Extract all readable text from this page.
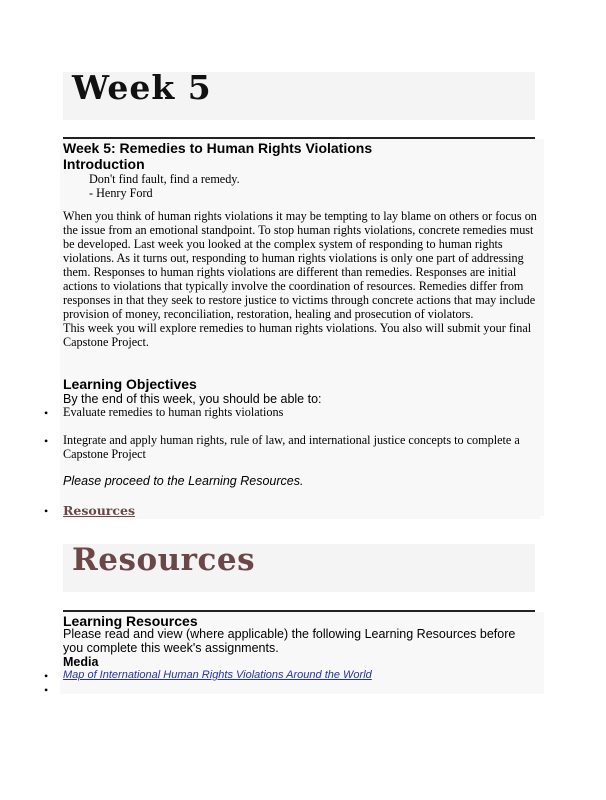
Week 5

Week 5: Remedies to Human Rights Violations

Introduction

Don't find fault, find a remedy.

- Henry Ford

When you think of human rights violations it may be tempting to lay blame on others or focus on the issue from an emotional standpoint. To stop human rights violations, concrete remedies must be developed. Last week you looked at the complex system of responding to human rights violations. As it turns out, responding to human rights violations is only one part of addressing them. Responses to human rights violations are different than remedies. Responses are initial actions to violations that typically involve the coordination of resources. Remedies differ from responses in that they seek to restore justice to victims through concrete actions that may include provision of money, reconciliation, restoration, healing and prosecution of violators.

This week you will explore remedies to human rights violations. You also will submit your final Capstone Project.

Learning Objectives

By the end of this week, you should be able to:

• Evaluate remedies to human rights violations

• Integrate and apply human rights, rule of law, and international justice concepts to complete a Capstone Project

Please proceed to the Learning Resources.

• Resources
Resources

Learning Resources

Please read and view (where applicable) the following Learning Resources before you complete this week's assignments.

Media

• Map of International Human Rights Violations Around the World
•
